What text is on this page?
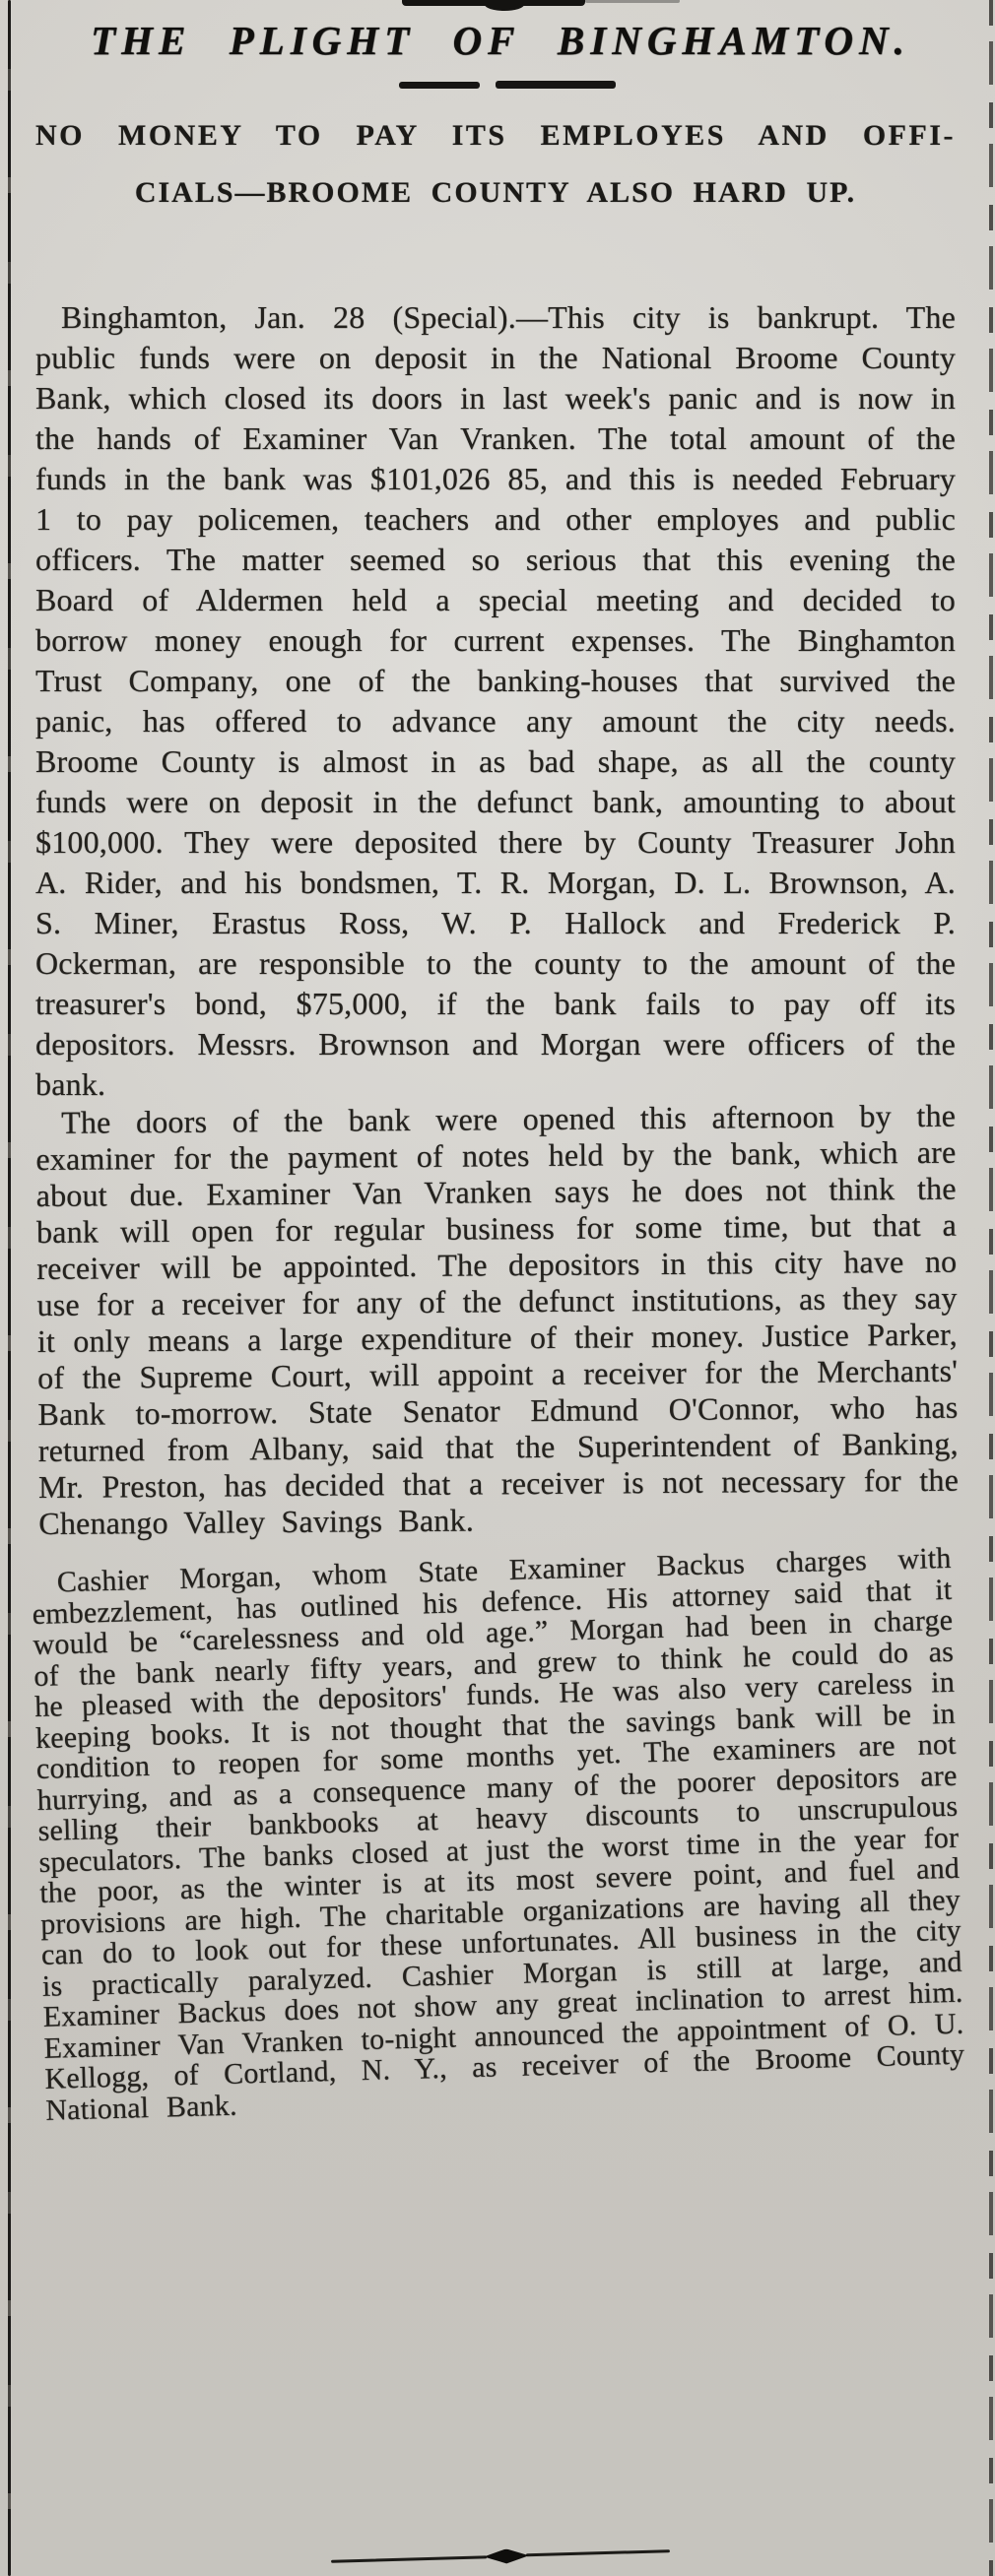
THE PLIGHT OF BINGHAMTON.
NO MONEY TO PAY ITS EMPLOYES AND OFFI-
CIALS—BROOME COUNTY ALSO HARD UP.

Binghamton, Jan. 28 (Special).—This city is bankrupt. The public funds were on deposit in the National Broome County Bank, which closed its doors in last week's panic and is now in the hands of Examiner Van Vranken. The total amount of the funds in the bank was $101,026 85, and this is needed February 1 to pay policemen, teachers and other employes and public officers. The matter seemed so serious that this evening the Board of Aldermen held a special meeting and decided to borrow money enough for current expenses. The Binghamton Trust Company, one of the banking-houses that survived the panic, has offered to advance any amount the city needs. Broome County is almost in as bad shape, as all the county funds were on deposit in the defunct bank, amounting to about $100,000. They were deposited there by County Treasurer John A. Rider, and his bondsmen, T. R. Morgan, D. L. Brownson, A. S. Miner, Erastus Ross, W. P. Hallock and Frederick P. Ockerman, are responsible to the county to the amount of the treasurer's bond, $75,000, if the bank fails to pay off its depositors. Messrs. Brownson and Morgan were officers of the bank.

The doors of the bank were opened this afternoon by the examiner for the payment of notes held by the bank, which are about due. Examiner Van Vranken says he does not think the bank will open for regular business for some time, but that a receiver will be appointed. The depositors in this city have no use for a receiver for any of the defunct institutions, as they say it only means a large expenditure of their money. Justice Parker, of the Supreme Court, will appoint a receiver for the Merchants' Bank to-morrow. State Senator Edmund O'Connor, who has returned from Albany, said that the Superintendent of Banking, Mr. Preston, has decided that a receiver is not necessary for the Chenango Valley Savings Bank.

Cashier Morgan, whom State Examiner Backus charges with embezzlement, has outlined his defence. His attorney said that it would be “carelessness and old age.” Morgan had been in charge of the bank nearly fifty years, and grew to think he could do as he pleased with the depositors' funds. He was also very careless in keeping books. It is not thought that the savings bank will be in condition to reopen for some months yet. The examiners are not hurrying, and as a consequence many of the poorer depositors are selling their bankbooks at heavy discounts to unscrupulous speculators. The banks closed at just the worst time in the year for the poor, as the winter is at its most severe point, and fuel and provisions are high. The charitable organizations are having all they can do to look out for these unfortunates. All business in the city is practically paralyzed. Cashier Morgan is still at large, and Examiner Backus does not show any great inclination to arrest him. Examiner Van Vranken to-night announced the appointment of O. U. Kellogg, of Cortland, N. Y., as receiver of the Broome County National Bank.
